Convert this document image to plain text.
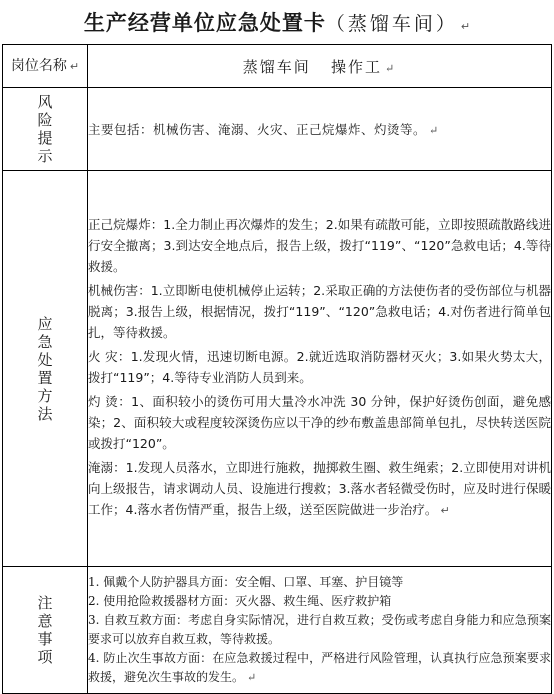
生产经营单位应急处置卡（蒸馏车间） ↵
岗位名称 ↵	蒸馏车间   操作工 ↵
风险提示	主要包括：机械伤害、淹溺、火灾、正己烷爆炸、灼烫等。 ↵
应急处置方法	正己烷爆炸：1.全力制止再次爆炸的发生；2.如果有疏散可能，立即按照疏散路线进行安全撤离；3.到达安全地点后，报告上级，拨打“119”、“120”急救电话；4.等待救援。

机械伤害：1.立即断电使机械停止运转；2.采取正确的方法使伤者的受伤部位与机器脱离；3.报告上级，根据情况，拨打“119”、“120”急救电话；4.对伤者进行简单包扎，等待救援。

火 灾：1.发现火情，迅速切断电源。2.就近选取消防器材灭火；3.如果火势太大，拨打“119”；4.等待专业消防人员到来。

灼 烫：1、面积较小的烫伤可用大量冷水冲洗 30 分钟，保护好烫伤创面，避免感染；2、面积较大或程度较深烫伤应以干净的纱布敷盖患部简单包扎，尽快转送医院或拨打“120”。

淹溺：1.发现人员落水，立即进行施救，抛掷救生圈、救生绳索；2.立即使用对讲机向上级报告，请求调动人员、设施进行搜救；3.落水者轻微受伤时，应及时进行保暖工作；4.落水者伤情严重，报告上级，送至医院做进一步治疗。 ↵

注意事项	1. 佩戴个人防护器具方面：安全帽、口罩、耳塞、护目镜等

2. 使用抢险救援器材方面：灭火器、救生绳、医疗救护箱

3. 自救互救方面：考虑自身实际情况，进行自救互救；受伤或考虑自身能力和应急预案要求可以放弃自救互救，等待救援。

4. 防止次生事故方面：在应急救援过程中，严格进行风险管理，认真执行应急预案要求救援，避免次生事故的发生。 ↵
